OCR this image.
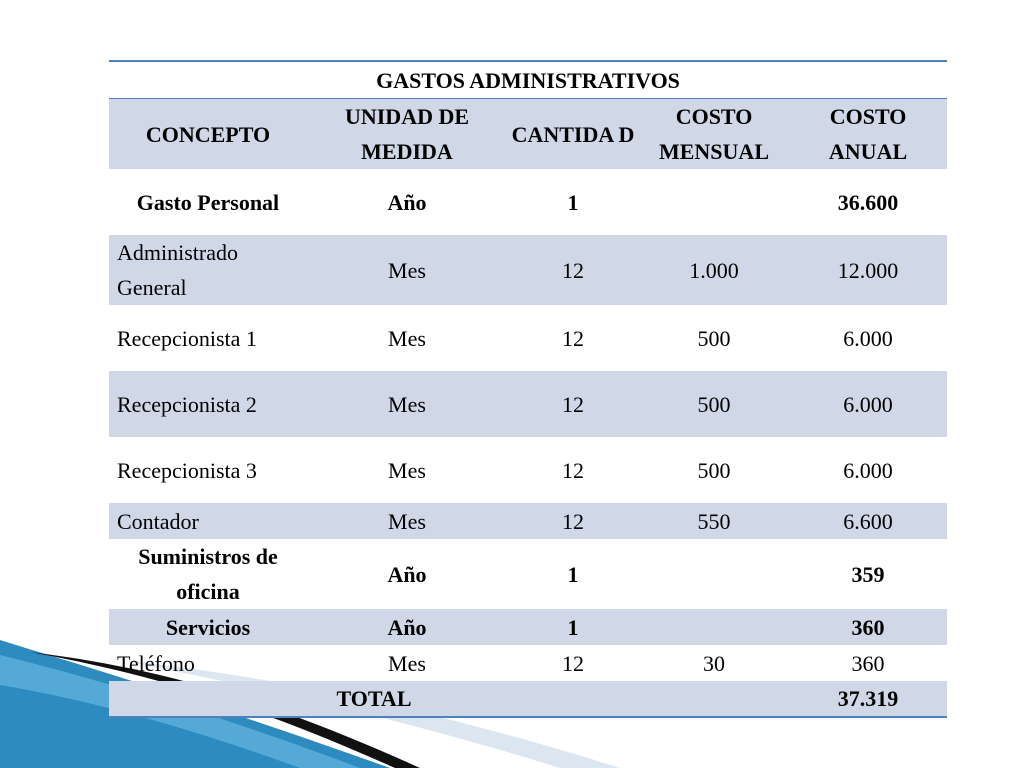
GASTOS ADMINISTRATIVOS				
CONCEPTO	UNIDAD DE MEDIDA	CANTIDA D	COSTO MENSUAL	COSTO ANUAL
Gasto Personal	Año	1		36.600
Administrado General	Mes	12	1.000	12.000
Recepcionista 1	Mes	12	500	6.000
Recepcionista 2	Mes	12	500	6.000
Recepcionista 3	Mes	12	500	6.000
Contador	Mes	12	550	6.600
Suministros de oficina	Año	1		359
Servicios	Año	1		360
Teléfono	Mes	12	30	360
TOTAL				37.319
